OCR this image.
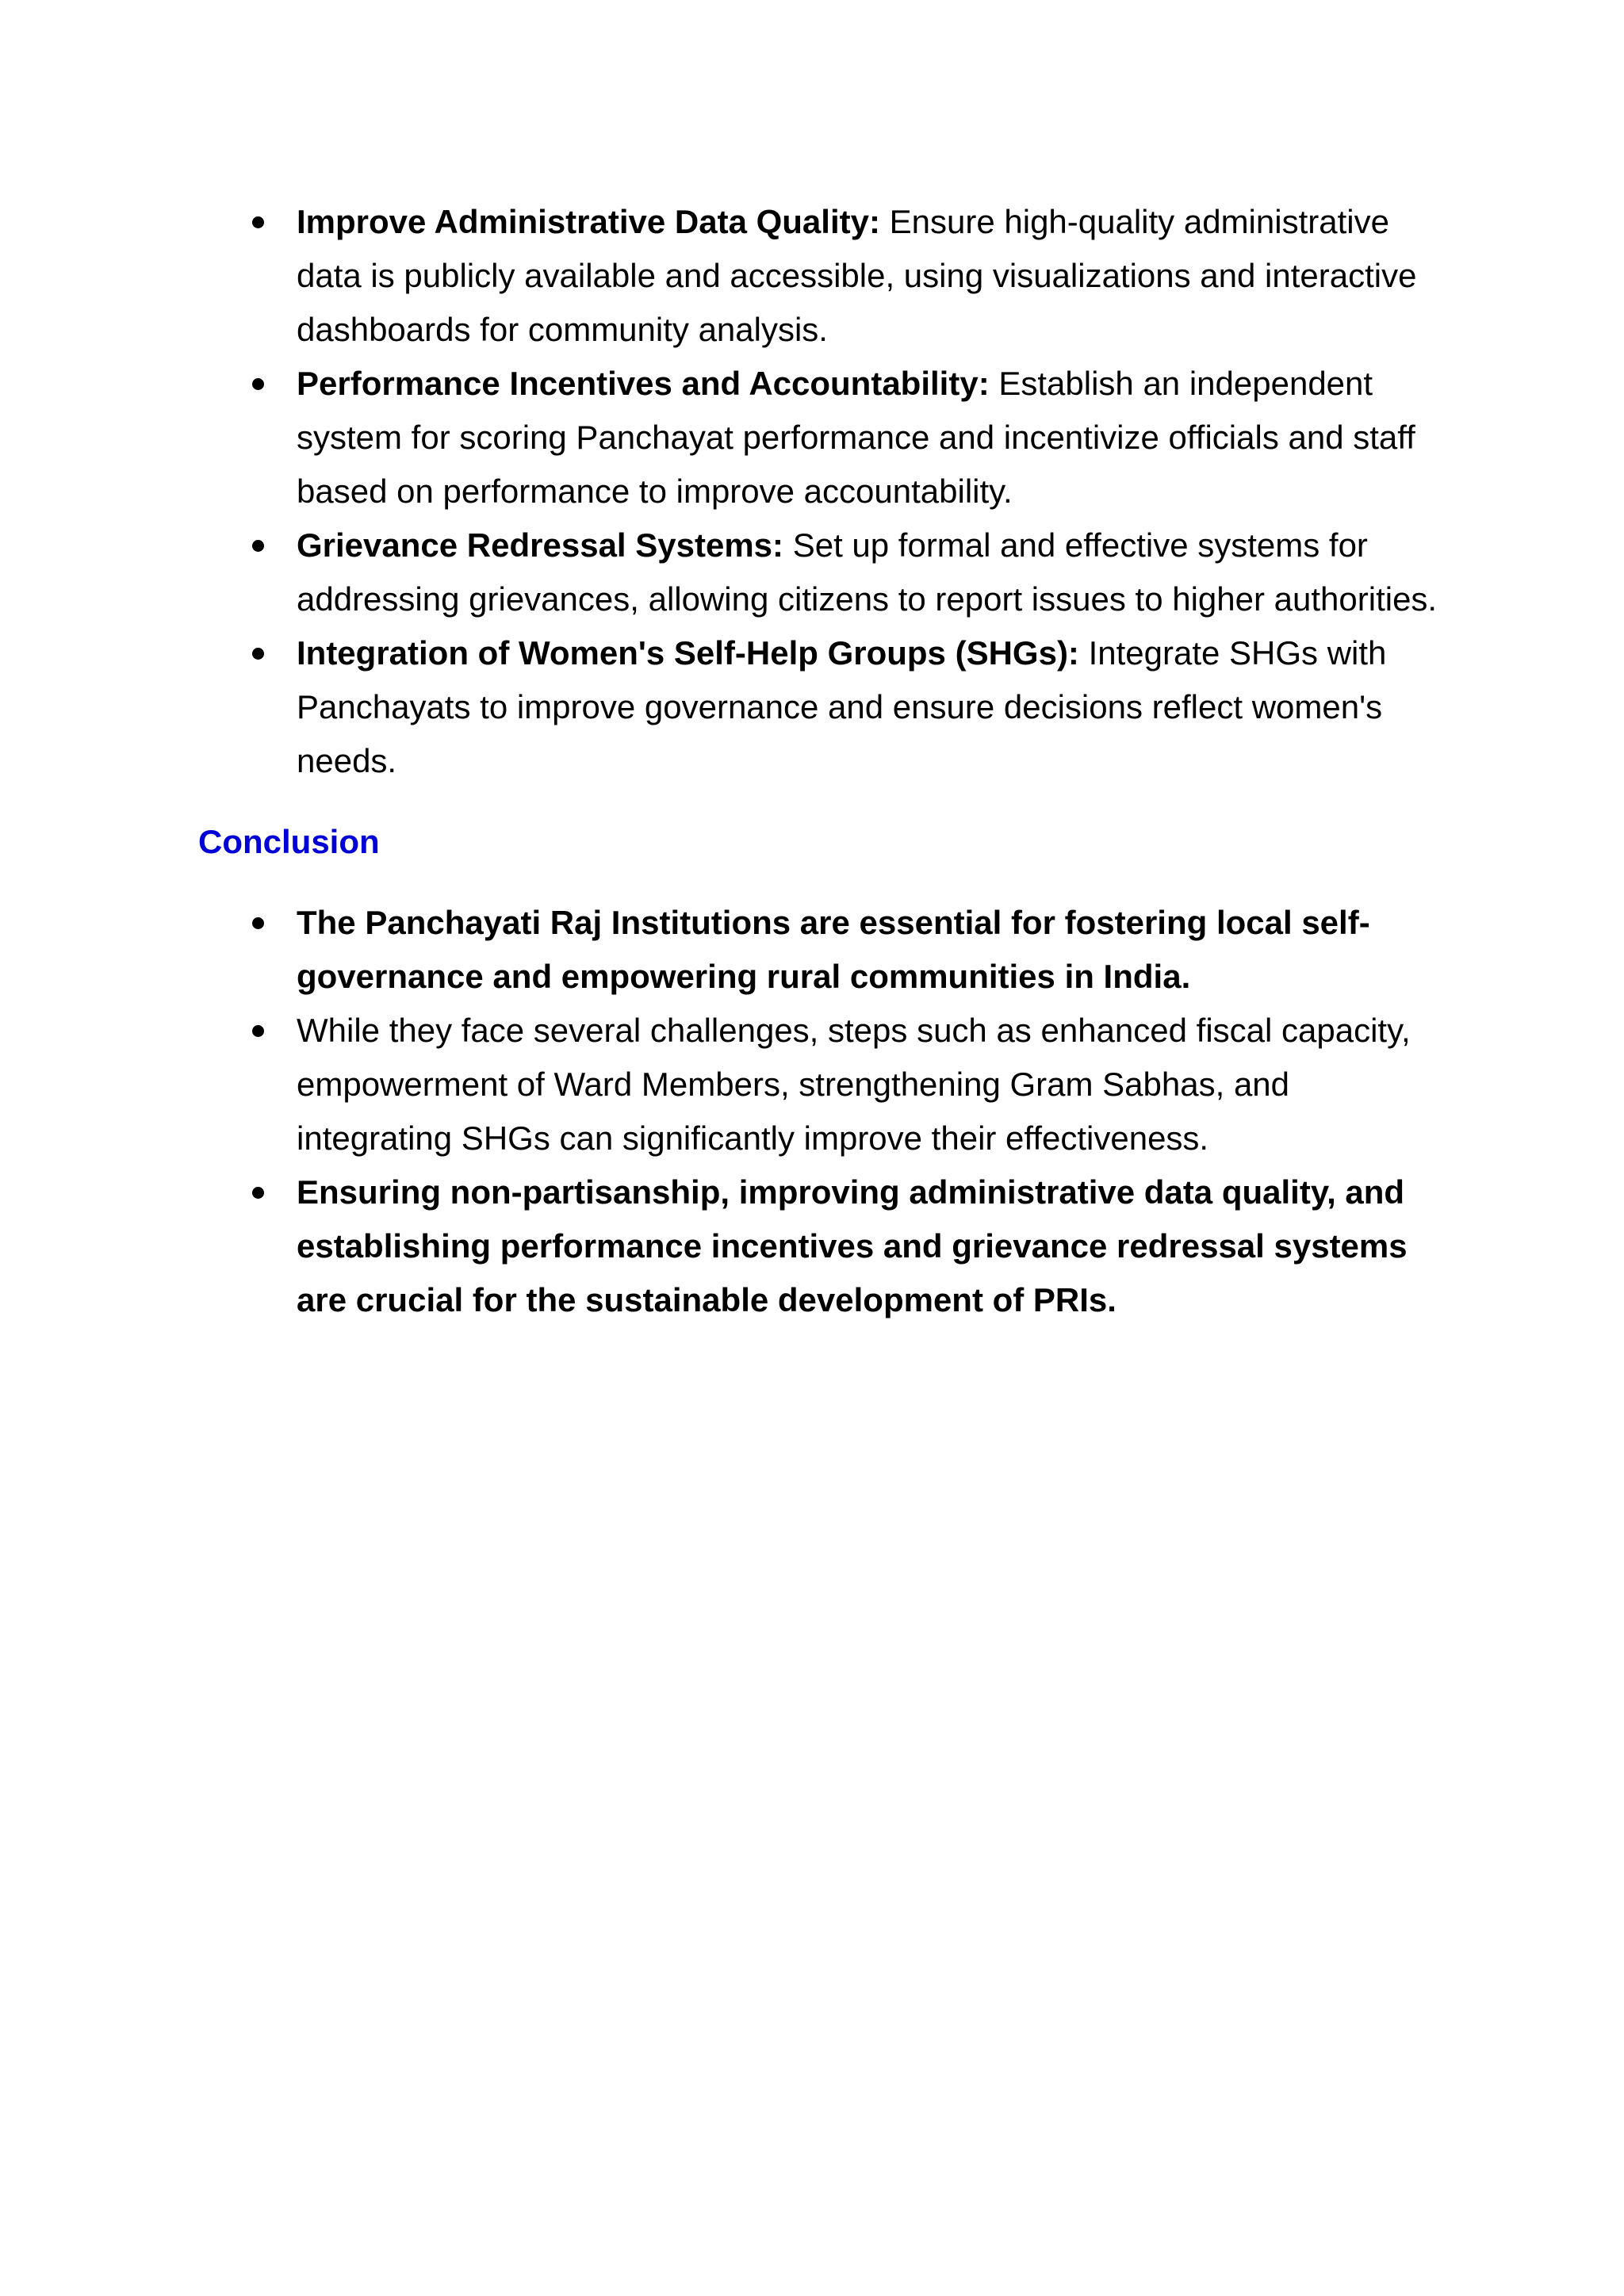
Improve Administrative Data Quality: Ensure high-quality administrative data is publicly available and accessible, using visualizations and interactive dashboards for community analysis.
Performance Incentives and Accountability: Establish an independent system for scoring Panchayat performance and incentivize officials and staff based on performance to improve accountability.
Grievance Redressal Systems: Set up formal and effective systems for addressing grievances, allowing citizens to report issues to higher authorities.
Integration of Women's Self-Help Groups (SHGs): Integrate SHGs with Panchayats to improve governance and ensure decisions reflect women's needs.
Conclusion
The Panchayati Raj Institutions are essential for fostering local self-governance and empowering rural communities in India.
While they face several challenges, steps such as enhanced fiscal capacity, empowerment of Ward Members, strengthening Gram Sabhas, and integrating SHGs can significantly improve their effectiveness.
Ensuring non-partisanship, improving administrative data quality, and establishing performance incentives and grievance redressal systems are crucial for the sustainable development of PRIs.
